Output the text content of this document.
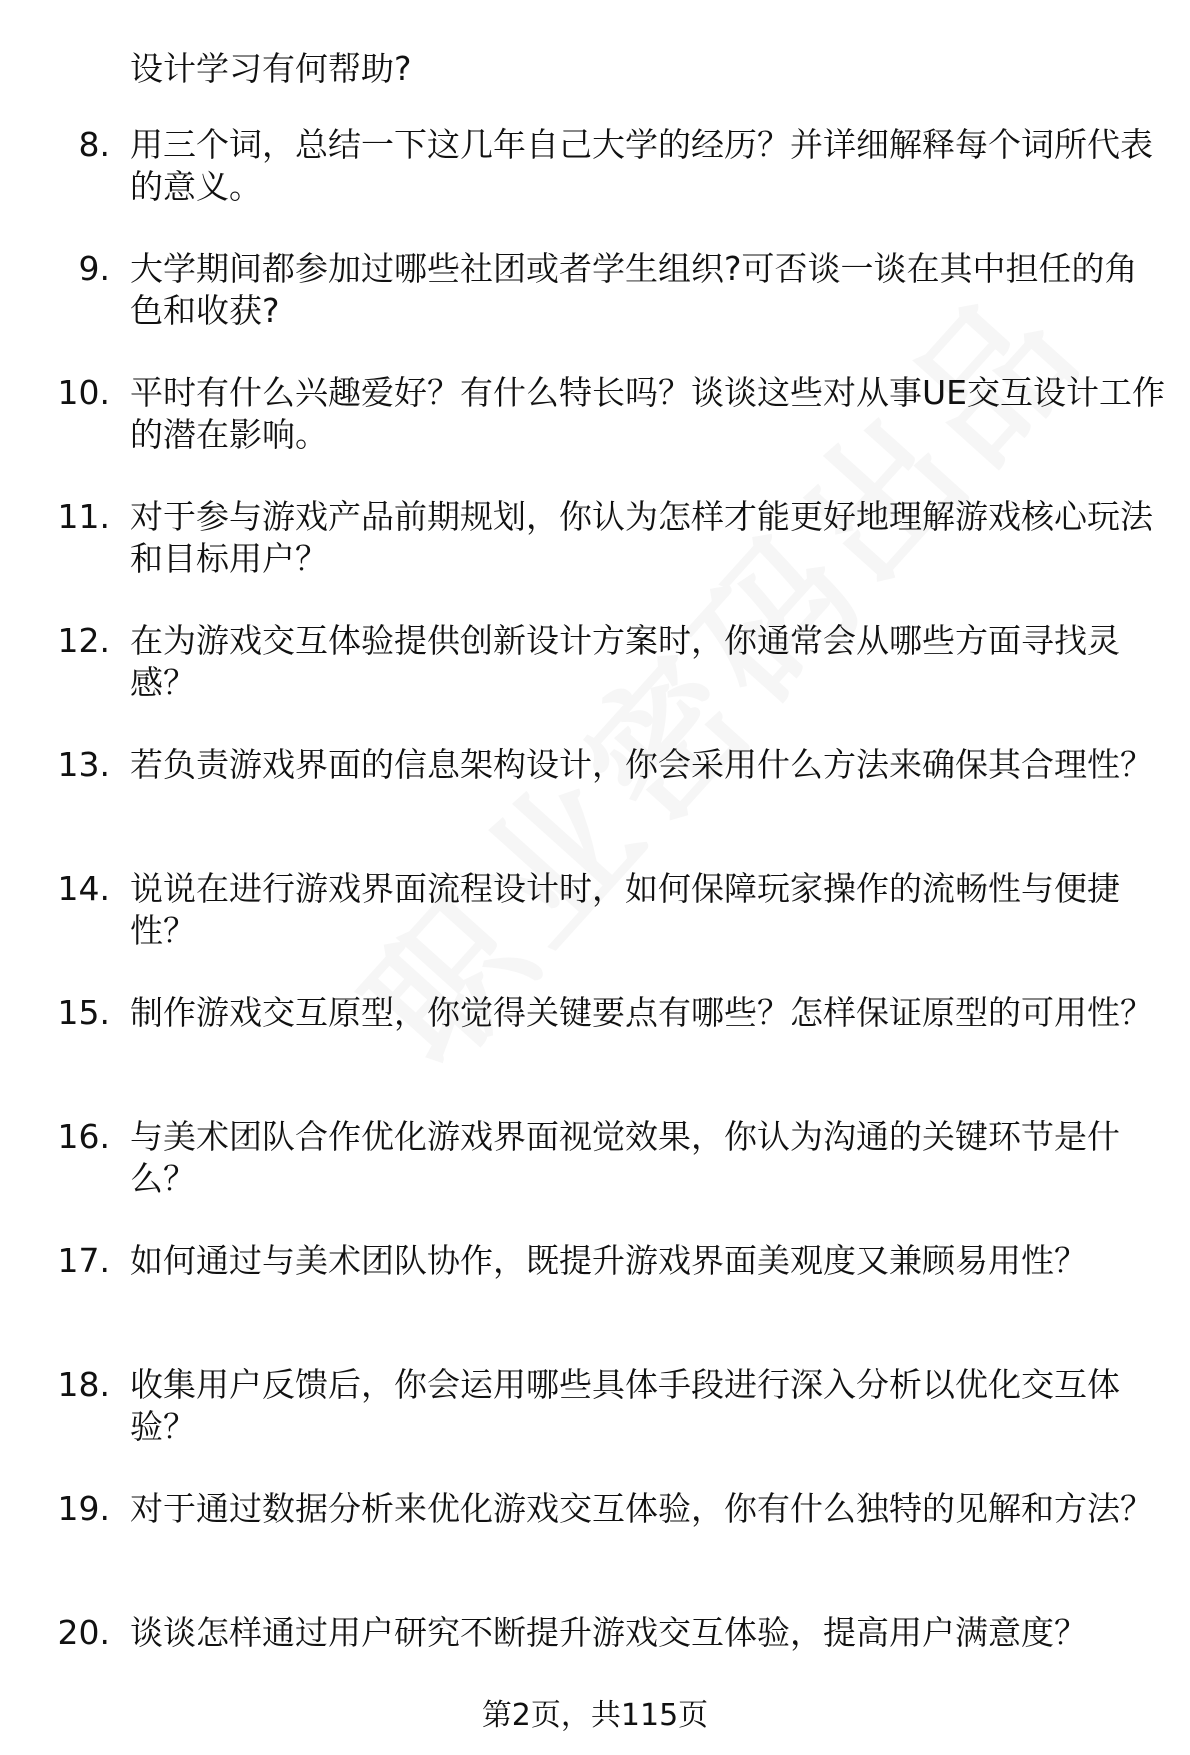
设计学习有何帮助?

8. 用三个词，总结一下这几年自己大学的经历？并详细解释每个词所代表的意义。

9. 大学期间都参加过哪些社团或者学生组织?可否谈一谈在其中担任的角色和收获?

10. 平时有什么兴趣爱好？有什么特长吗？谈谈这些对从事UE交互设计工作的潜在影响。

11. 对于参与游戏产品前期规划，你认为怎样才能更好地理解游戏核心玩法和目标用户？

12. 在为游戏交互体验提供创新设计方案时，你通常会从哪些方面寻找灵感？

13. 若负责游戏界面的信息架构设计，你会采用什么方法来确保其合理性？

14. 说说在进行游戏界面流程设计时，如何保障玩家操作的流畅性与便捷性？

15. 制作游戏交互原型，你觉得关键要点有哪些？怎样保证原型的可用性？

16. 与美术团队合作优化游戏界面视觉效果，你认为沟通的关键环节是什么？

17. 如何通过与美术团队协作，既提升游戏界面美观度又兼顾易用性？

18. 收集用户反馈后，你会运用哪些具体手段进行深入分析以优化交互体验？

19. 对于通过数据分析来优化游戏交互体验，你有什么独特的见解和方法？

20. 谈谈怎样通过用户研究不断提升游戏交互体验，提高用户满意度？

第2页，共115页
